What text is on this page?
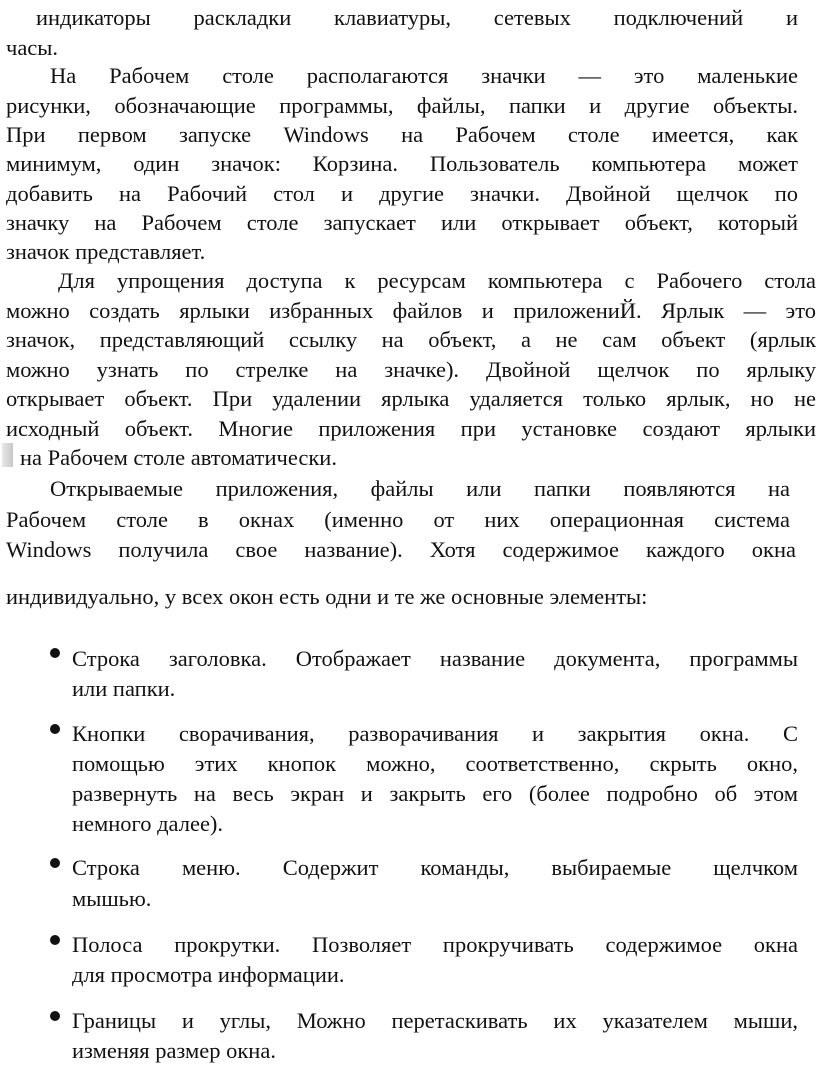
индикаторы раскладки клавиатуры, сетевых подключений и
часы.
На Рабочем столе располагаются значки — это маленькие
рисунки, обозначающие программы, файлы, папки и другие объекты.
При первом запуске Windows на Рабочем столе имеется, как
минимум, один значок: Корзина. Пользователь компьютера может
добавить на Рабочий стол и другие значки. Двойной щелчок по
значку на Рабочем столе запускает или открывает объект, который
значок представляет.
Для упрощения доступа к ресурсам компьютера с Рабочего стола
можно создать ярлыки избранных файлов и приложениЙ. Ярлык — это
значок, представляющий ссылку на объект, а не сам объект (ярлык
можно узнать по стрелке на значке). Двойной щелчок по ярлыку
открывает объект. При удалении ярлыка удаляется только ярлык, но не
исходный объект. Многие приложения при установке создают ярлыки
на Рабочем столе автоматически.
Открываемые приложения, файлы или папки появляются на
Рабочем столе в окнах (именно от них операционная система
Windows получила свое название). Хотя содержимое каждого окна
индивидуально, у всех окон есть одни и те же основные элементы:
Строка заголовка. Отображает название документа, программы
или папки.
Кнопки сворачивания, разворачивания и закрытия окна. С
помощью этих кнопок можно, соответственно, скрыть окно,
развернуть на весь экран и закрыть его (более подробно об этом
немного далее).
Строка меню. Содержит команды, выбираемые щелчком
мышью.
Полоса прокрутки. Позволяет прокручивать содержимое окна
для просмотра информации.
Границы и углы, Можно перетаскивать их указателем мыши,
изменяя размер окна.
